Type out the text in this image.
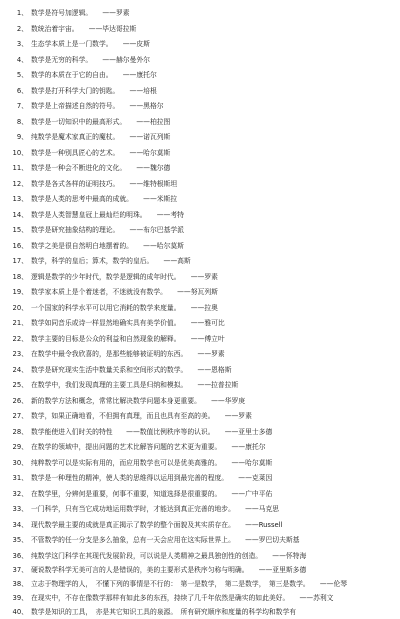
1、 数学是符号加逻辑。　　——罗素
2、 数统治着宇宙。　　——毕达哥拉斯
3、 生态学本质上是一门数学。　　——皮斯
4、 数学是无穷的科学。　　——赫尔曼外尔
5、 数学的本质在于它的自由。　　——康托尔
6、 数学是打开科学大门的钥匙。　　——培根
7、 数学是上帝描述自然的符号。　　——黑格尔
8、 数学是一切知识中的最高形式。　　——柏拉图
9、 纯数学是魔术家真正的魔杖。　　——诺瓦列斯
10、 数学是一种别具匠心的艺术。　　——哈尔莫斯
11、 数学是一种会不断进化的文化。　　——魏尔德
12、 数学是各式各样的证明技巧。　　——维特根斯坦
13、 数学是人类的思考中最高的成就。　　——米斯拉
14、 数学是人类智慧皇冠上最灿烂的明珠。　　——考特
15、 数学是研究抽象结构的理论。　　——布尔巴基学派
16、 数学之美是很自然明白地摆着的。　　——哈尔莫斯
17、 数学，科学的皇后；算术，数学的皇后。　　——高斯
18、 逻辑是数学的少年时代，数学是逻辑的成年时代。　　——罗素
19、 数学家本质上是个着迷者，不迷就没有数学。　　——努瓦列斯
20、 一个国家的科学水平可以用它消耗的数学来度量。　　——拉奥
21、 数学如同音乐或诗一样显然地确实具有美学价值。　　——雅可比
22、 数学主要的目标是公众的利益和自然现象的解释。　　——傅立叶
23、 在数学中最令我欣喜的，是那些能够被证明的东西。　　——罗素
24、 数学是研究现实生活中数量关系和空间形式的数学。　　——恩格斯
25、 在数学中，我们发现真理的主要工具是归纳和模拟。　　——拉普拉斯
26、 新的数学方法和概念，常常比解决数学问题本身更重要。　　——华罗庚
27、 数学，如果正确地看，不但拥有真理，而且也具有至高的美。　　——罗素
28、 数学能使进入们时关的特性　　——数值比例秩序等的认识。　　——亚里士多德
29、 在数学的领域中，提出问题的艺术比解答问题的艺术更为重要。　　——康托尔
30、 纯粹数学可以是实际有用的，而应用数学也可以是优美高雅的。　　——哈尔莫斯
31、 数学是一种理性的精神，使人类的思维得以运用到最完善的程度。　　——克莱因
32、 在数学里，分辨何是重要，何事不重要，知道选择是很重要的。　　——广中平佑
33、 一门科学，只有当它成功地运用数学时，才能达到真正完善的地步。　　——马克思
34、 现代数学最主要的成就是真正揭示了数学的整个面貌及其实质存在。　　——Russell
35、 不管数学的任一分支是多么抽象，总有一天会应用在这实际世界上。　　——罗巴切夫斯基
36、 纯数学这门科学在其现代发展阶段，可以说是人类精神之最具独创性的创造。　　——怀特海
37、 硬说数学科学无美可言的人是错误的，美的主要形式是秩序匀称与明确。　　——亚里斯多德
38、 立志于物理学的人，　不懂下列的事情是不行的：　第一是数学，　第二是数学，　第三是数学。　　——伦琴
39、 在现实中，不存在像数学那样有如此多的东西，持续了几千年依然是确实的如此美好。　　——苏利文
40、 数学是知识的工具，　亦是其它知识工具的泉源。　所有研究顺序和度量的科学均和数学有
